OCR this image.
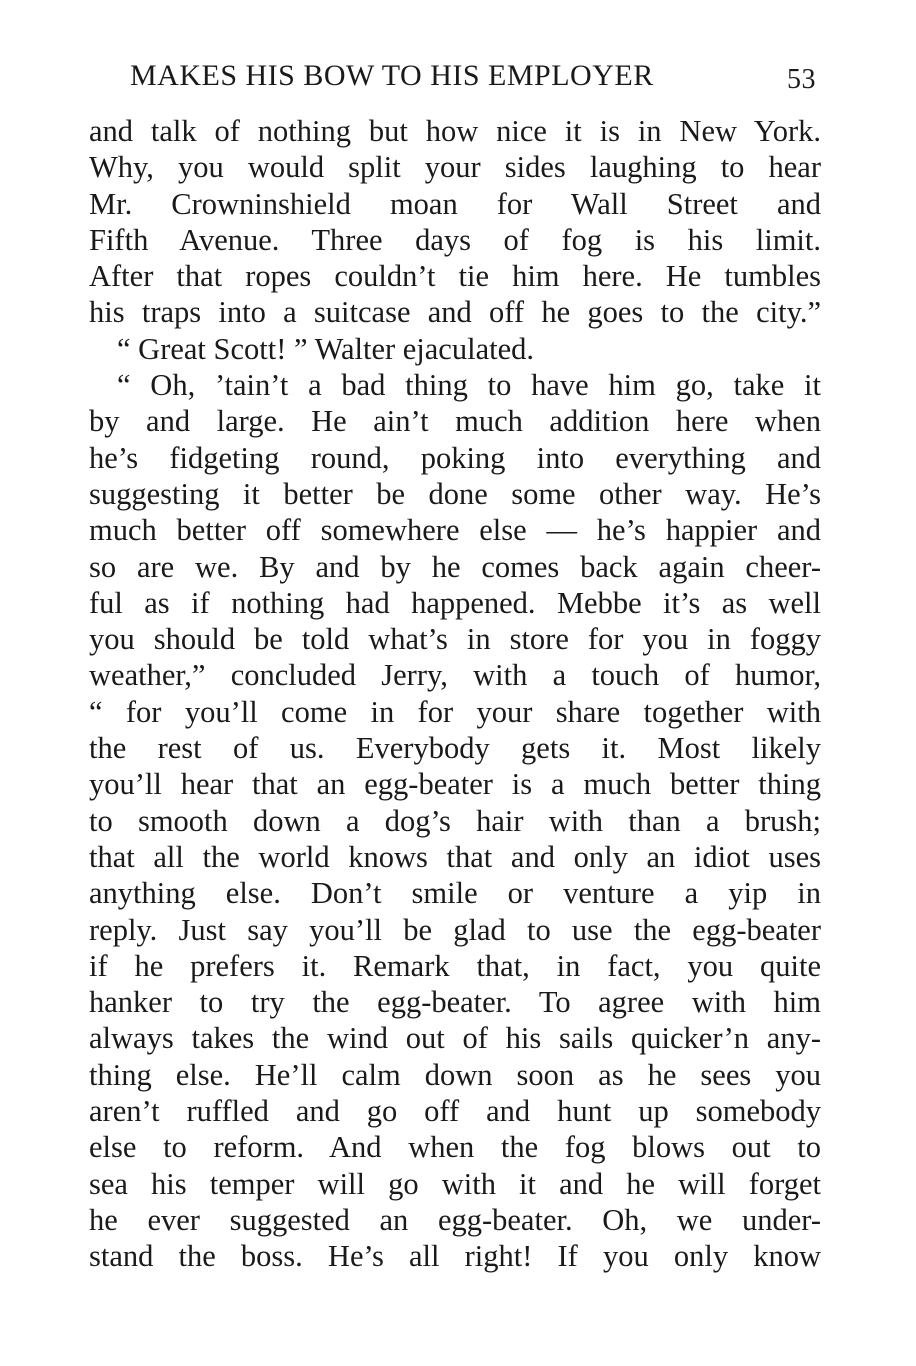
MAKES HIS BOW TO HIS EMPLOYER	53
and talk of nothing but how nice it is in New York.
Why, you would split your sides laughing to hear
Mr. Crowninshield moan for Wall Street and
Fifth Avenue. Three days of fog is his limit.
After that ropes couldn’t tie him here. He tumbles
his traps into a suitcase and off he goes to the city.”
“ Great Scott! ” Walter ejaculated.
“ Oh, ’tain’t a bad thing to have him go, take it
by and large. He ain’t much addition here when
he’s fidgeting round, poking into everything and
suggesting it better be done some other way. He’s
much better off somewhere else — he’s happier and
so are we. By and by he comes back again cheer-
ful as if nothing had happened. Mebbe it’s as well
you should be told what’s in store for you in foggy
weather,” concluded Jerry, with a touch of humor,
“ for you’ll come in for your share together with
the rest of us. Everybody gets it. Most likely
you’ll hear that an egg-beater is a much better thing
to smooth down a dog’s hair with than a brush;
that all the world knows that and only an idiot uses
anything else. Don’t smile or venture a yip in
reply. Just say you’ll be glad to use the egg-beater
if he prefers it. Remark that, in fact, you quite
hanker to try the egg-beater. To agree with him
always takes the wind out of his sails quicker’n any-
thing else. He’ll calm down soon as he sees you
aren’t ruffled and go off and hunt up somebody
else to reform. And when the fog blows out to
sea his temper will go with it and he will forget
he ever suggested an egg-beater. Oh, we under-
stand the boss. He’s all right! If you only know
